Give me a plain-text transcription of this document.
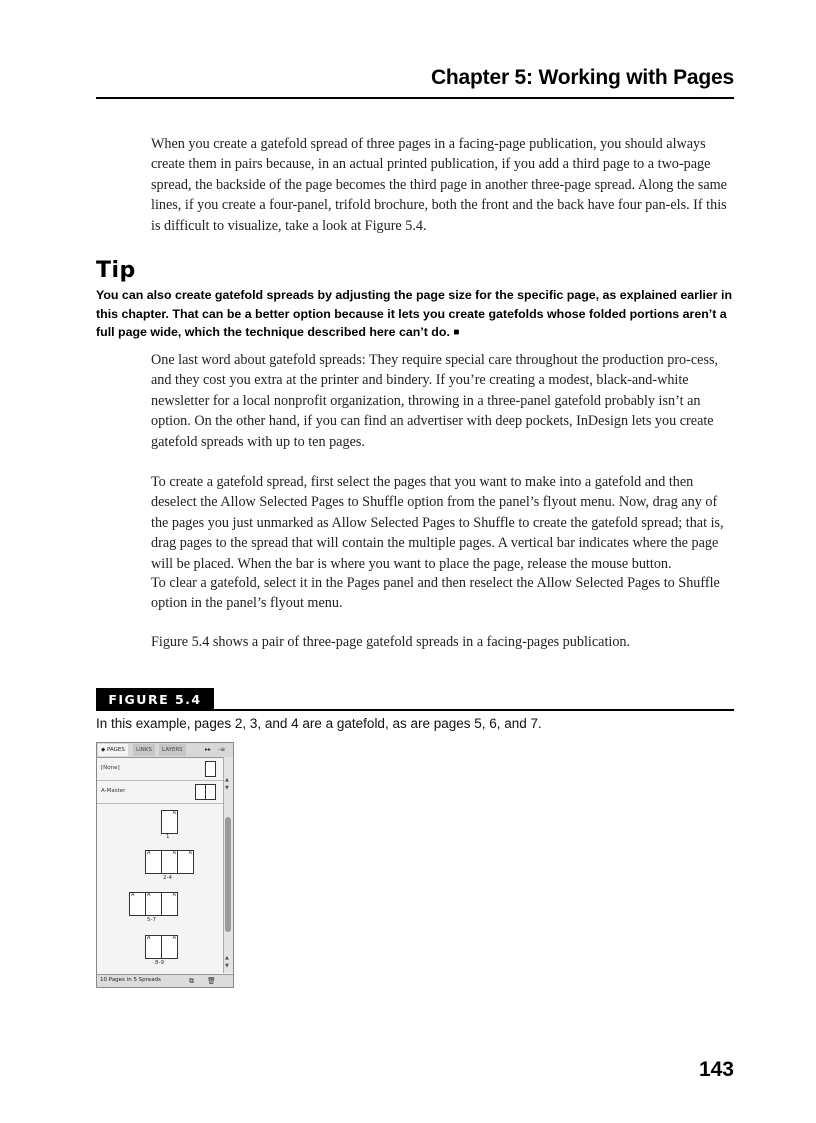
Chapter 5: Working with Pages

When you create a gatefold spread of three pages in a facing-page publication, you should always create them in pairs because, in an actual printed publication, if you add a third page to a two-page spread, the backside of the page becomes the third page in another three-page spread. Along the same lines, if you create a four-panel, trifold brochure, both the front and the back have four pan-els. If this is difficult to visualize, take a look at Figure 5.4.

Tip
You can also create gatefold spreads by adjusting the page size for the specific page, as explained earlier in this chapter. That can be a better option because it lets you create gatefolds whose folded portions aren’t a full page wide, which the technique described here can’t do. ■

One last word about gatefold spreads: They require special care throughout the production pro-cess, and they cost you extra at the printer and bindery. If you’re creating a modest, black-and-white newsletter for a local nonprofit organization, throwing in a three-panel gatefold probably isn’t an option. On the other hand, if you can find an advertiser with deep pockets, InDesign lets you create gatefold spreads with up to ten pages.

To create a gatefold spread, first select the pages that you want to make into a gatefold and then deselect the Allow Selected Pages to Shuffle option from the panel’s flyout menu. Now, drag any of the pages you just unmarked as Allow Selected Pages to Shuffle to create the gatefold spread; that is, drag pages to the spread that will contain the multiple pages. A vertical bar indicates where the page will be placed. When the bar is where you want to place the page, release the mouse button.

To clear a gatefold, select it in the Pages panel and then reselect the Allow Selected Pages to Shuffle option in the panel’s flyout menu.

Figure 5.4 shows a pair of three-page gatefold spreads in a facing-pages publication.

FIGURE 5.4
In this example, pages 2, 3, and 4 are a gatefold, as are pages 5, 6, and 7.
◆ PAGES	LINKS	LAYERS	▸▸ -≡
[None]
A-Master
A
1
A	A	A
2-4
A	A	A
5-7
A	A
8-9
▲
▼
▲
▼
10 Pages in 5 Spreads	⧉ 🗑
143
